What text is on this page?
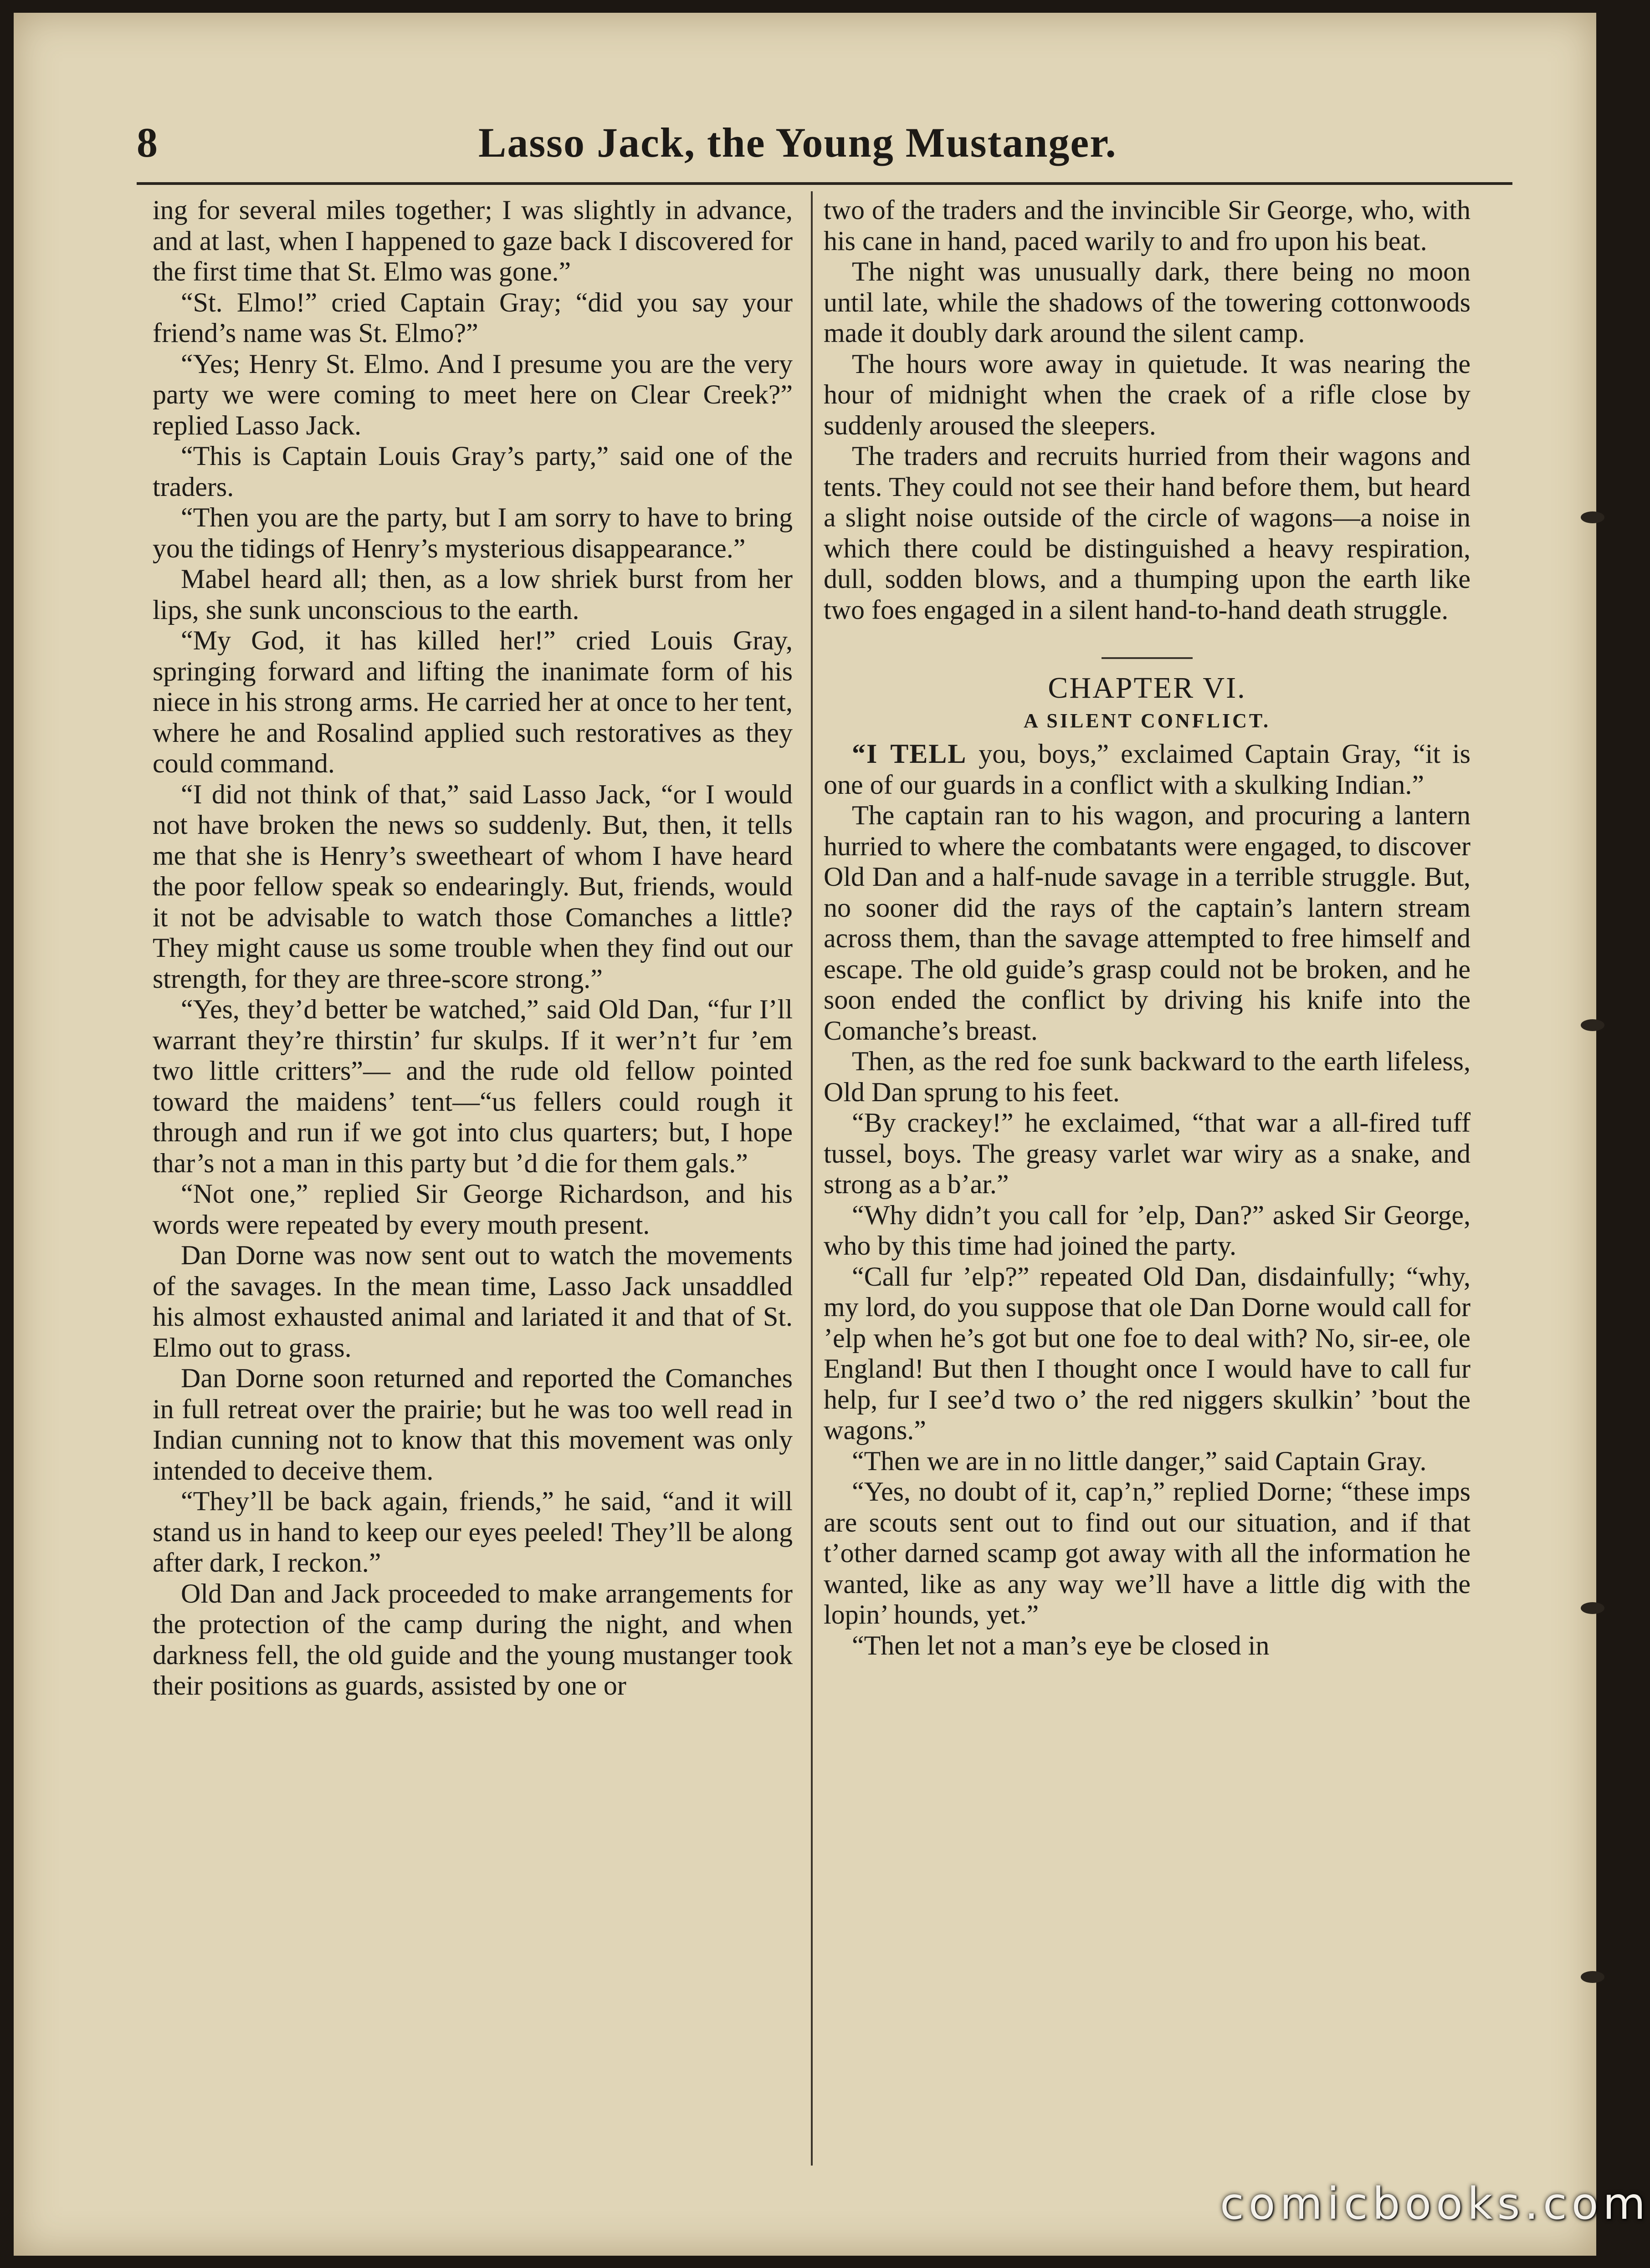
8	Lasso Jack, the Young Mustanger.

ing for several miles together; I was slightly in advance, and at last, when I happened to gaze back I discovered for the first time that St. Elmo was gone.”

“St. Elmo!” cried Captain Gray; “did you say your friend’s name was St. Elmo?”

“Yes; Henry St. Elmo. And I presume you are the very party we were coming to meet here on Clear Creek?” replied Lasso Jack.

“This is Captain Louis Gray’s party,” said one of the traders.

“Then you are the party, but I am sorry to have to bring you the tidings of Henry’s mysterious disappearance.”

Mabel heard all; then, as a low shriek burst from her lips, she sunk unconscious to the earth.

“My God, it has killed her!” cried Louis Gray, springing forward and lifting the inanimate form of his niece in his strong arms. He carried her at once to her tent, where he and Rosalind applied such restoratives as they could command.

“I did not think of that,” said Lasso Jack, “or I would not have broken the news so suddenly. But, then, it tells me that she is Henry’s sweetheart of whom I have heard the poor fellow speak so endearingly. But, friends, would it not be advisable to watch those Comanches a little? They might cause us some trouble when they find out our strength, for they are three-score strong.”

“Yes, they’d better be watched,” said Old Dan, “fur I’ll warrant they’re thirstin’ fur skulps. If it wer’n’t fur ’em two little critters”— and the rude old fellow pointed toward the maidens’ tent—“us fellers could rough it through and run if we got into clus quarters; but, I hope thar’s not a man in this party but ’d die for them gals.”

“Not one,” replied Sir George Richardson, and his words were repeated by every mouth present.

Dan Dorne was now sent out to watch the movements of the savages. In the mean time, Lasso Jack unsaddled his almost exhausted animal and lariated it and that of St. Elmo out to grass.

Dan Dorne soon returned and reported the Comanches in full retreat over the prairie; but he was too well read in Indian cunning not to know that this movement was only intended to deceive them.

“They’ll be back again, friends,” he said, “and it will stand us in hand to keep our eyes peeled! They’ll be along after dark, I reckon.”

Old Dan and Jack proceeded to make arrangements for the protection of the camp during the night, and when darkness fell, the old guide and the young mustanger took their positions as guards, assisted by one or

two of the traders and the invincible Sir George, who, with his cane in hand, paced warily to and fro upon his beat.

The night was unusually dark, there being no moon until late, while the shadows of the towering cottonwoods made it doubly dark around the silent camp.

The hours wore away in quietude. It was nearing the hour of midnight when the craek of a rifle close by suddenly aroused the sleepers.

The traders and recruits hurried from their wagons and tents. They could not see their hand before them, but heard a slight noise outside of the circle of wagons—a noise in which there could be distinguished a heavy respiration, dull, sodden blows, and a thumping upon the earth like two foes engaged in a silent hand-to-hand death struggle.

CHAPTER VI.
A SILENT CONFLICT.

“I TELL you, boys,” exclaimed Captain Gray, “it is one of our guards in a conflict with a skulking Indian.”

The captain ran to his wagon, and procuring a lantern hurried to where the combatants were engaged, to discover Old Dan and a half-nude savage in a terrible struggle. But, no sooner did the rays of the captain’s lantern stream across them, than the savage attempted to free himself and escape. The old guide’s grasp could not be broken, and he soon ended the conflict by driving his knife into the Comanche’s breast.

Then, as the red foe sunk backward to the earth lifeless, Old Dan sprung to his feet.

“By crackey!” he exclaimed, “that war a all-fired tuff tussel, boys. The greasy varlet war wiry as a snake, and strong as a b’ar.”

“Why didn’t you call for ’elp, Dan?” asked Sir George, who by this time had joined the party.

“Call fur ’elp?” repeated Old Dan, disdainfully; “why, my lord, do you suppose that ole Dan Dorne would call for ’elp when he’s got but one foe to deal with? No, sir-ee, ole England! But then I thought once I would have to call fur help, fur I see’d two o’ the red niggers skulkin’ ’bout the wagons.”

“Then we are in no little danger,” said Captain Gray.

“Yes, no doubt of it, cap’n,” replied Dorne; “these imps are scouts sent out to find out our situation, and if that t’other darned scamp got away with all the information he wanted, like as any way we’ll have a little dig with the lopin’ hounds, yet.”

“Then let not a man’s eye be closed in

comicbooks.com
